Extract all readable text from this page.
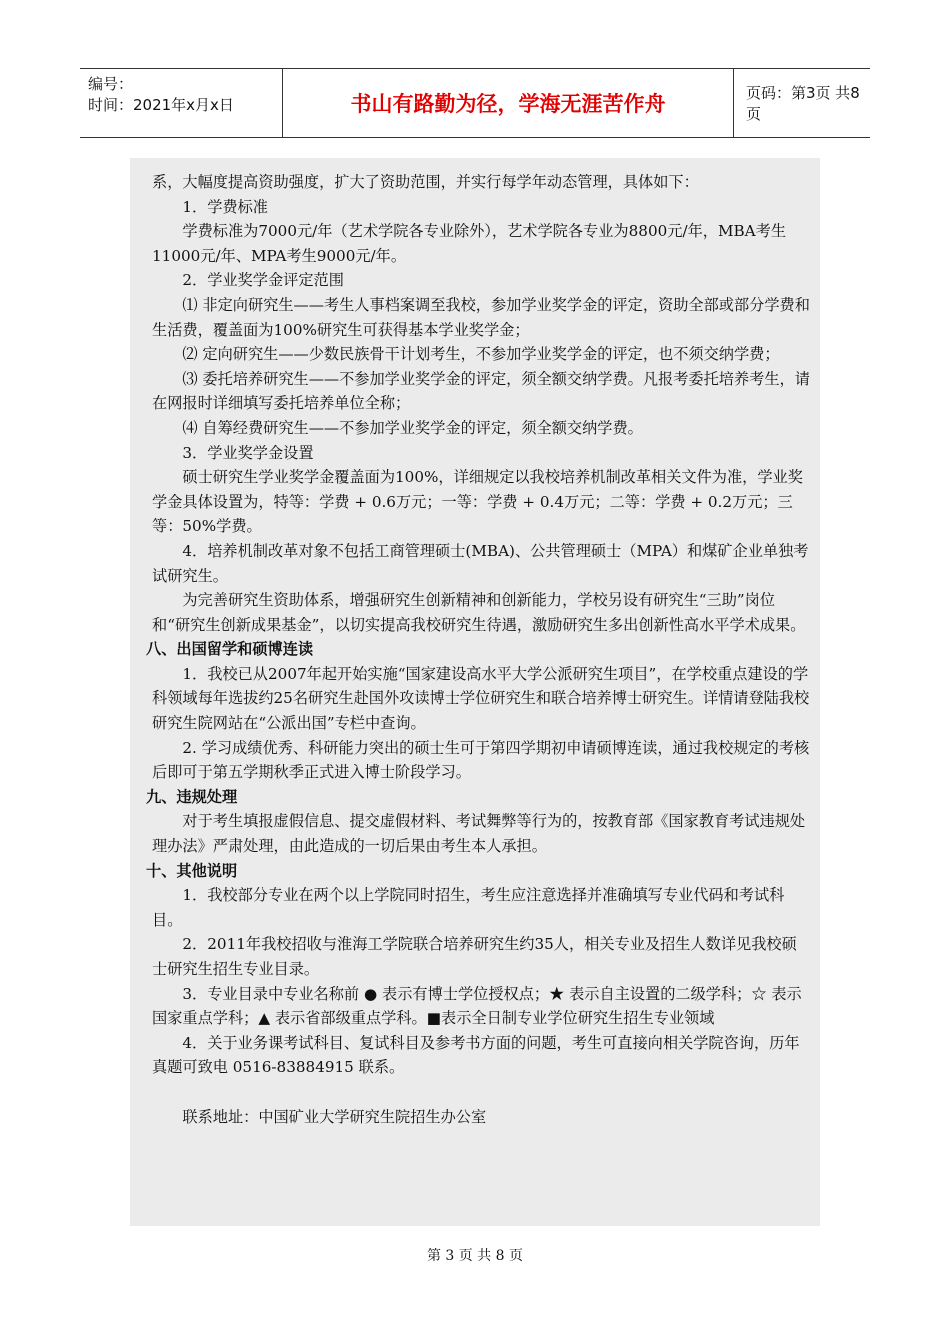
编号：
时间：2021年x月x日	书山有路勤为径，学海无涯苦作舟	页码：第3页 共8页

系，大幅度提高资助强度，扩大了资助范围，并实行每学年动态管理，具体如下：

1．学费标准

学费标准为7000元/年（艺术学院各专业除外），艺术学院各专业为8800元/年，MBA考生11000元/年、MPA考生9000元/年。

2．学业奖学金评定范围

⑴ 非定向研究生——考生人事档案调至我校，参加学业奖学金的评定，资助全部或部分学费和生活费，覆盖面为100%研究生可获得基本学业奖学金；

⑵ 定向研究生——少数民族骨干计划考生，不参加学业奖学金的评定，也不须交纳学费；

⑶ 委托培养研究生——不参加学业奖学金的评定，须全额交纳学费。凡报考委托培养考生，请在网报时详细填写委托培养单位全称；

⑷ 自筹经费研究生——不参加学业奖学金的评定，须全额交纳学费。

3．学业奖学金设置

硕士研究生学业奖学金覆盖面为100%，详细规定以我校培养机制改革相关文件为准，学业奖学金具体设置为，特等：学费 + 0.6万元；一等：学费 + 0.4万元；二等：学费 + 0.2万元；三等：50%学费。

4．培养机制改革对象不包括工商管理硕士(MBA)、公共管理硕士（MPA）和煤矿企业单独考试研究生。

为完善研究生资助体系，增强研究生创新精神和创新能力，学校另设有研究生“三助”岗位和“研究生创新成果基金”，以切实提高我校研究生待遇，激励研究生多出创新性高水平学术成果。

八、出国留学和硕博连读

1．我校已从2007年起开始实施“国家建设高水平大学公派研究生项目”，在学校重点建设的学科领域每年选拔约25名研究生赴国外攻读博士学位研究生和联合培养博士研究生。详情请登陆我校研究生院网站在“公派出国”专栏中查询。

2. 学习成绩优秀、科研能力突出的硕士生可于第四学期初申请硕博连读，通过我校规定的考核后即可于第五学期秋季正式进入博士阶段学习。

九、违规处理

对于考生填报虚假信息、提交虚假材料、考试舞弊等行为的，按教育部《国家教育考试违规处理办法》严肃处理，由此造成的一切后果由考生本人承担。

十、其他说明

1．我校部分专业在两个以上学院同时招生，考生应注意选择并准确填写专业代码和考试科目。

2．2011年我校招收与淮海工学院联合培养研究生约35人，相关专业及招生人数详见我校硕士研究生招生专业目录。

3．专业目录中专业名称前 ● 表示有博士学位授权点；★ 表示自主设置的二级学科；☆ 表示国家重点学科；▲ 表示省部级重点学科。■表示全日制专业学位研究生招生专业领域

4．关于业务课考试科目、复试科目及参考书方面的问题，考生可直接向相关学院咨询，历年真题可致电 0516-83884915 联系。

联系地址：中国矿业大学研究生院招生办公室

第 3 页 共 8 页
